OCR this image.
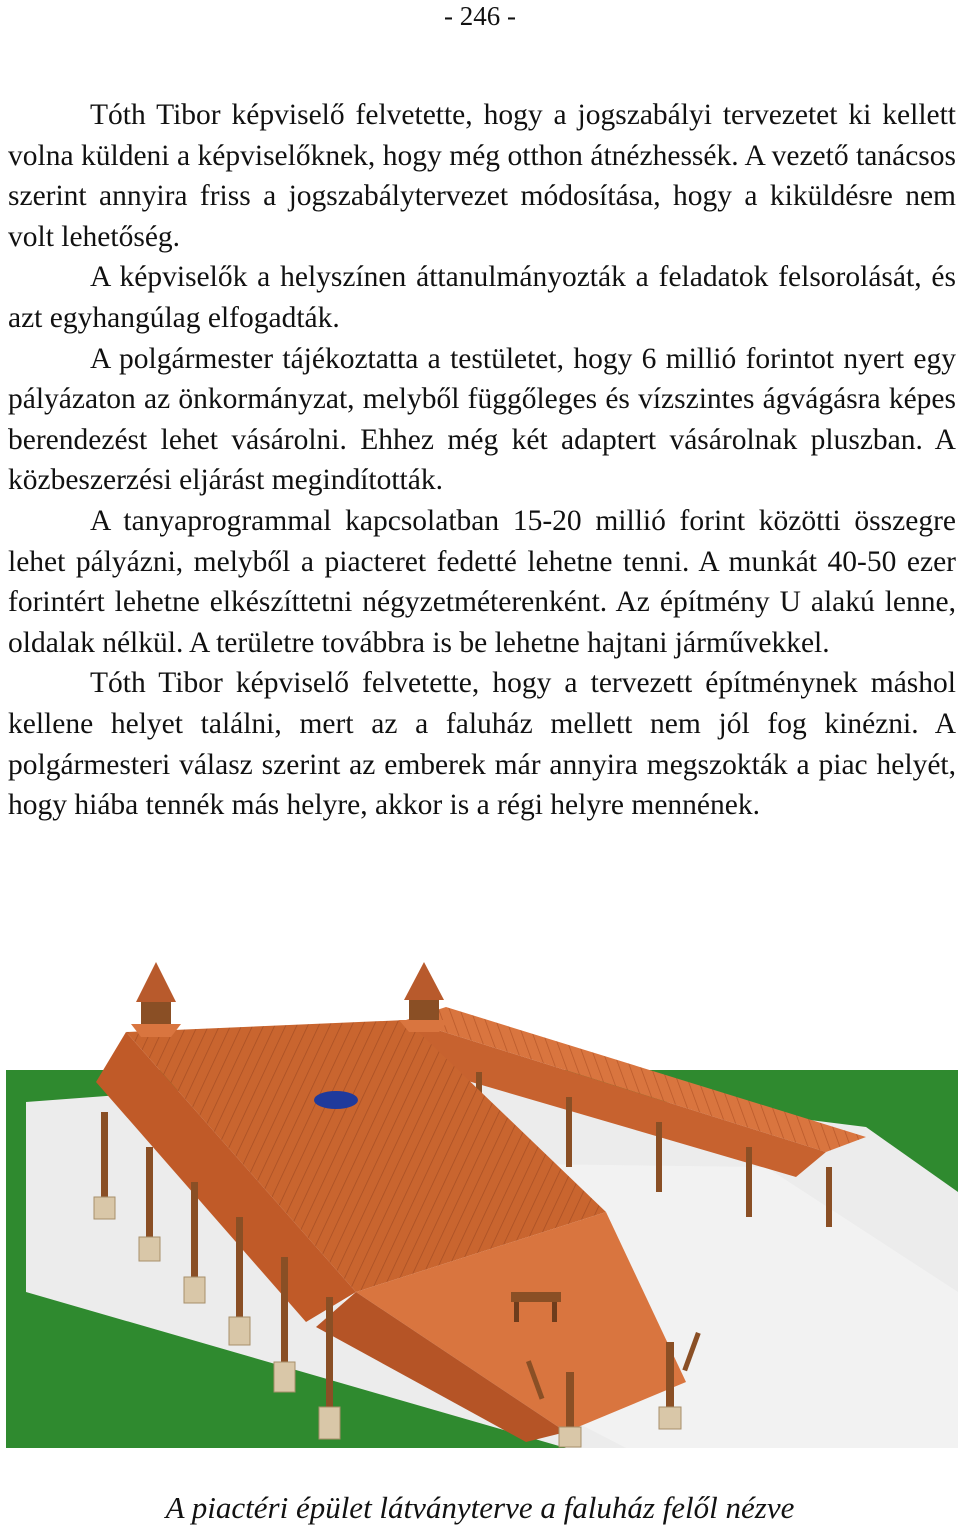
- 246 -

Tóth Tibor képviselő felvetette, hogy a jogszabályi tervezetet ki kellett volna küldeni a képviselőknek, hogy még otthon átnézhessék. A vezető tanácsos szerint annyira friss a jogszabálytervezet módosítása, hogy a kiküldésre nem volt lehetőség.

A képviselők a helyszínen áttanulmányozták a feladatok felsorolását, és azt egyhangúlag elfogadták.

A polgármester tájékoztatta a testületet, hogy 6 millió forintot nyert egy pályázaton az önkormányzat, melyből függőleges és vízszintes ágvágásra képes berendezést lehet vásárolni. Ehhez még két adaptert vásárolnak pluszban. A közbeszerzési eljárást megindították.

A tanyaprogrammal kapcsolatban 15-20 millió forint közötti összegre lehet pályázni, melyből a piacteret fedetté lehetne tenni. A munkát 40-50 ezer forintért lehetne elkészíttetni négyzetméterenként. Az építmény U alakú lenne, oldalak nélkül. A területre továbbra is be lehetne hajtani járművekkel.

Tóth Tibor képviselő felvetette, hogy a tervezett építménynek máshol kellene helyet találni, mert az a faluház mellett nem jól fog kinézni. A polgármesteri válasz szerint az emberek már annyira megszokták a piac helyét, hogy hiába tennék más helyre, akkor is a régi helyre mennének.

A piactéri épület látványterve a faluház felől nézve
